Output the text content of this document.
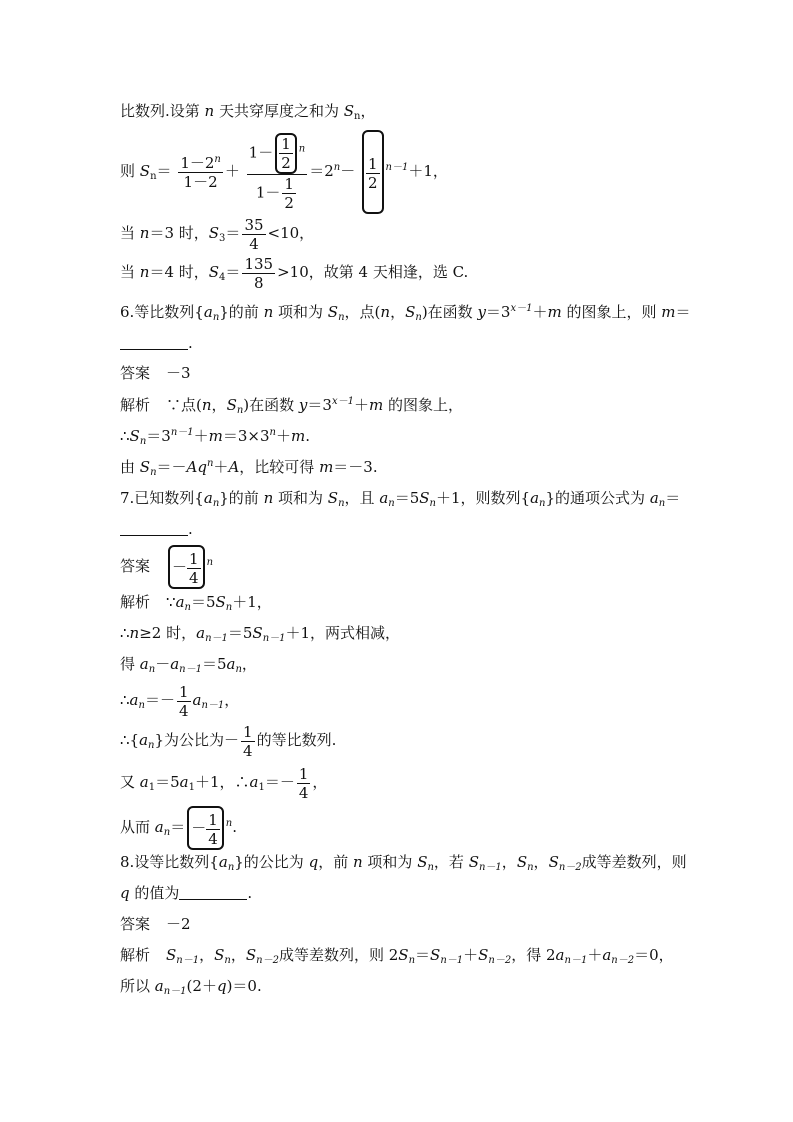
比数列.设第 n 天共穿厚度之和为 $S_n$，
则 $S_n= \frac{1-2^n}{1-2} + \frac{1- \frac{1}{2} ^n}{1- \frac{1}{2}} =2^n- \frac{1}{2} ^{n-1}+1$，
当 n＝3 时，$S_3= \frac{35}{4} <10$，
当 n＝4 时，$S_4= \frac{135}{8} >10$，故第 4 天相逢，选 C.
6.等比数列$\{a_n\}$的前 n 项和为 $S_n$，点(n，$S_n$)在函数 $y=3^{x-1}+m$ 的图象上，则 m＝
.
答案 －3
解析 ∵点(n，$S_n$)在函数 $y=3^{x-1}+m$ 的图象上，
$\therefore S_n=3^{n-1}+m=3\times 3^n+m$.
由 $S_n=-Aq^n+A$，比较可得 m＝－3.
7.已知数列$\{a_n\}$的前 n 项和为 $S_n$，且 $a_n=5S_n+1$，则数列$\{a_n\}$的通项公式为 $a_n=$
.
答案 － $\frac{1}{4} ^n$
解析 $\because a_n=5S_n+1$，
∴n≥2 时，$a_{n-1}=5S_{n-1}+1$，两式相减，
得 $a_n-a_{n-1}=5a_n$，
$\therefore a_n=- \frac{1}{4} a_{n-1}$，
$\therefore\{a_n\}$为公比为－ $\frac{1}{4}$ 的等比数列.
又 $a_1=5a_1+1$，$\therefore a_1=- \frac{1}{4}$ ，
从而 $a_n= - \frac{1}{4} ^n$.
8.设等比数列$\{a_n\}$的公比为 q，前 n 项和为 $S_n$，若 $S_{n-1}$，$S_n$，$S_{n-2}$成等差数列，则
q 的值为	.
答案 －2
解析 $S_{n-1}$，$S_n$，$S_{n-2}$成等差数列，则 $2S_n=S_{n-1}+S_{n-2}$，得 $2a_{n-1}+a_{n-2}=0$，
所以 $a_{n-1}(2+q)=0$.
